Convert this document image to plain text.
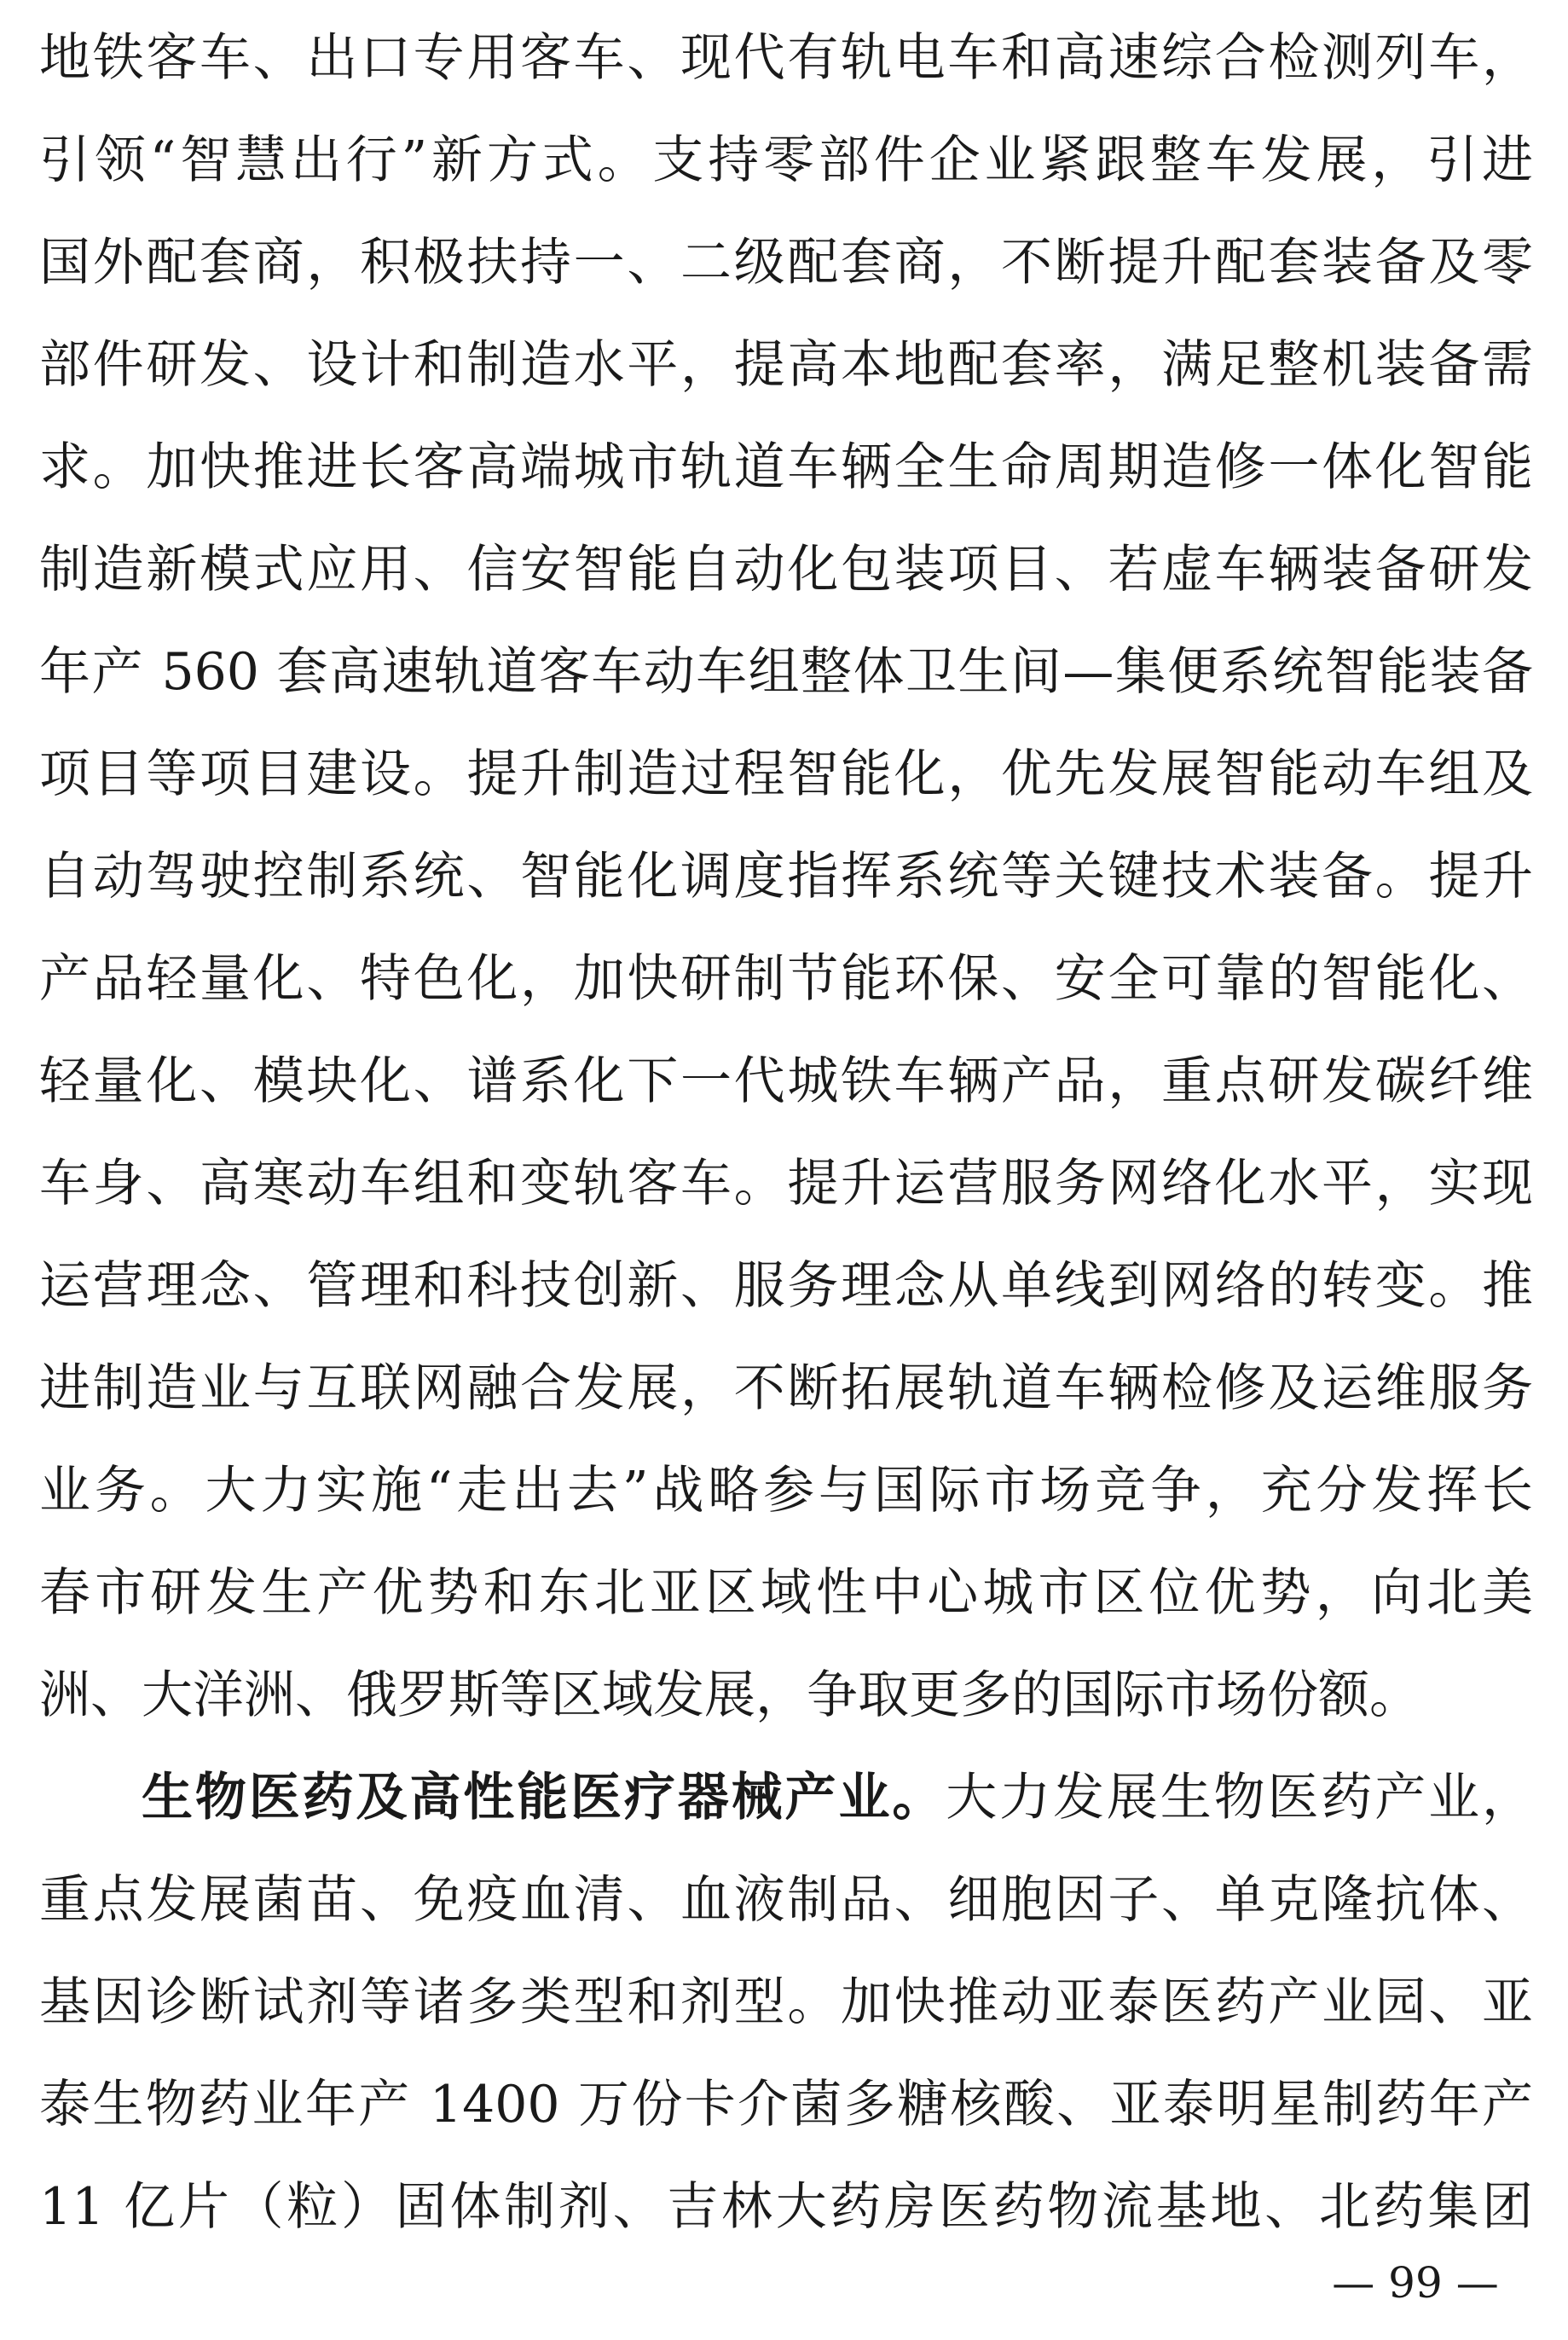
地铁客车、出口专用客车、现代有轨电车和高速综合检测列车，
引领“智慧出行”新方式。支持零部件企业紧跟整车发展，引进
国外配套商，积极扶持一、二级配套商，不断提升配套装备及零
部件研发、设计和制造水平，提高本地配套率，满足整机装备需
求。加快推进长客高端城市轨道车辆全生命周期造修一体化智能
制造新模式应用、信安智能自动化包装项目、若虚车辆装备研发
年产 560 套高速轨道客车动车组整体卫生间—集便系统智能装备
项目等项目建设。提升制造过程智能化，优先发展智能动车组及
自动驾驶控制系统、智能化调度指挥系统等关键技术装备。提升
产品轻量化、特色化，加快研制节能环保、安全可靠的智能化、
轻量化、模块化、谱系化下一代城铁车辆产品，重点研发碳纤维
车身、高寒动车组和变轨客车。提升运营服务网络化水平，实现
运营理念、管理和科技创新、服务理念从单线到网络的转变。推
进制造业与互联网融合发展，不断拓展轨道车辆检修及运维服务
业务。大力实施“走出去”战略参与国际市场竞争，充分发挥长
春市研发生产优势和东北亚区域性中心城市区位优势，向北美
洲、大洋洲、俄罗斯等区域发展，争取更多的国际市场份额。
生物医药及高性能医疗器械产业。大力发展生物医药产业，
重点发展菌苗、免疫血清、血液制品、细胞因子、单克隆抗体、
基因诊断试剂等诸多类型和剂型。加快推动亚泰医药产业园、亚
泰生物药业年产 1400 万份卡介菌多糖核酸、亚泰明星制药年产
11 亿片（粒）固体制剂、吉林大药房医药物流基地、北药集团
— 99 —
